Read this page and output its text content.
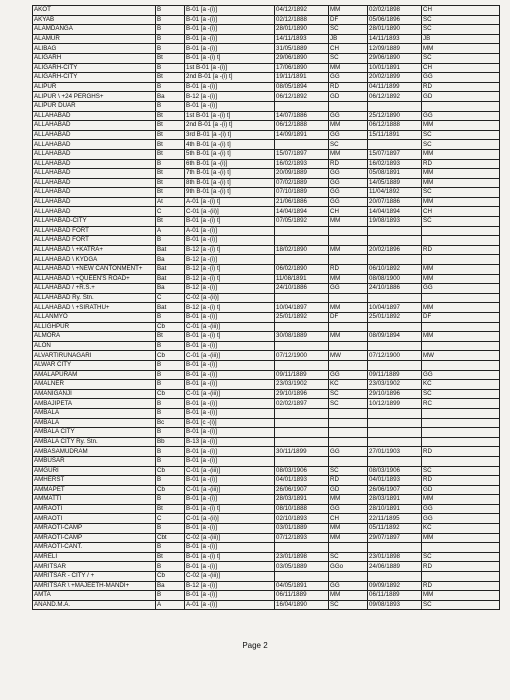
AKOT	B	B-01 [a -(i)]	04/12/1892	MM	02/02/1898	CH
AKYAB	B	B-01 [a -(i)]	02/12/1888	DF	05/06/1896	SC
ALAMDANGA	B	B-01 [a -(i)]	28/01/1890	SC	28/01/1890	SC
ALAMUR	B	B-01 [a -(i)]	14/11/1893	JB	14/11/1893	JB
ALIBAG	B	B-01 [a -(i)]	31/05/1889	CH	12/09/1889	MM
ALIGARH	Bt	B-01 [a -(i) t]	29/06/1890	SC	29/06/1890	SC
ALIGARH-CITY	B	1st B-01 [a -(i)]	17/06/1890	MM	10/01/1891	CH
ALIGARH-CITY	Bt	2nd B-01 [a -(i) t]	19/11/1891	GG	20/02/1899	GG
ALIPUR	B	B-01 [a -(i)]	08/05/1894	RD	04/11/1899	RD
ALIPUR \ +24 PERGHS+	Ba	B-12 [a -(i)]	06/12/1892	GD	06/12/1892	GD
ALIPUR DUAR	B	B-01 [a -(i)]				
ALLAHABAD	Bt	1st B-01 [a -(i) t]	14/07/1886	GG	25/12/1890	GG
ALLAHABAD	Bt	2nd B-01 [a -(i) t]	06/12/1888	MM	06/12/1888	MM
ALLAHABAD	Bt	3rd B-01 [a -(i) t]	14/09/1891	GG	15/11/1891	SC
ALLAHABAD	Bt	4th B-01 [a -(i) t]		SC		SC
ALLAHABAD	Bt	5th B-01 [a -(i) t]	15/07/1897	MM	15/07/1897	MM
ALLAHABAD	B	6th B-01 [a -(i)]	16/02/1893	RD	16/02/1893	RD
ALLAHABAD	Bt	7th B-01 [a -(i) t]	20/09/1889	GG	05/08/1891	MM
ALLAHABAD	Bt	8th B-01 [a -(i) t]	07/02/1889	GG	14/05/1889	MM
ALLAHABAD	Bt	9th B-01 [a -(i) t]	07/10/1889	GG	11/04/1892	SC
ALLAHABAD	At	A-01 [a -(i) t]	21/06/1886	GG	20/07/1886	MM
ALLAHABAD	C	C-01 [a -(ii)]	14/04/1894	CH	14/04/1894	CH
ALLAHABAD-CITY	Bt	B-01 [a -(i) t]	07/05/1892	MM	19/08/1893	SC
ALLAHABAD FORT	A	A-01 [a -(i)]				
ALLAHABAD FORT	B	B-01 [a -(i)]				
ALLAHABAD \ +KATRA+	Bat	B-12 [a -(i) t]	18/02/1890	MM	20/02/1896	RD
ALLAHABAD \ KYDGA	Ba	B-12 [a -(i)]				
ALLAHABAD \ +NEW CANTONMENT+	Bat	B-12 [a -(i) t]	06/02/1890	RD	06/10/1892	MM
ALLAHABAD \ +QUEEN'S ROAD+	Bat	B-12 [a -(i) t]	11/08/1891	MM	08/08/1900	MM
ALLAHABAD / +R.S.+	Ba	B-12 [a -(i)]	24/10/1886	GG	24/10/1886	GG
ALLAHABAD Ry. Stn.	C	C-02 [a -(ii)]				
ALLAHABAD \ +SIRATHU+	Bat	B-12 [a -(i) t]	10/04/1897	MM	10/04/1897	MM
ALLANMYO	B	B-01 [a -(i)]	25/01/1892	DF	25/01/1892	DF
ALLIGHPUR	Cb	C-01 [a -(iii)]				
ALMORA	Bt	B-01 [a -(i) t]	30/08/1889	MM	08/09/1894	MM
ALON	B	B-01 [a -(i)]				
ALVARTIRUNAGARI	Cb	C-01 [a -(iii)]	07/12/1900	MW	07/12/1900	MW
ALWAR CITY	B	B-01 [a -(i)]				
AMALAPURAM	B	B-01 [a -(i)]	09/11/1889	GG	09/11/1889	GG
AMALNER	B	B-01 [a -(i)]	23/03/1902	KC	23/03/1902	KC
AMANIGANJI	Cb	C-01 [a -(iii)]	29/10/1896	SC	29/10/1896	SC
AMBAJIPETA	B	B-01 [a -(i)]	02/02/1897	SC	10/12/1899	RC
AMBALA	B	B-01 [a -(i)]				
AMBALA	Bc	B-01 [c -(i)]				
AMBALA CITY	B	B-01 [a -(i)]				
AMBALA CITY Ry. Stn.	Bb	B-13 [a -(i)]				
AMBASAMUDRAM	B	B-01 [a -(i)]	30/11/1899	GG	27/01/1903	RD
AMBUSAR	B	B-01 [a -(i)]				
AMGURI	Cb	C-01 [a -(iii)]	08/03/1906	SC	08/03/1906	SC
AMHERST	B	B-01 [a -(i)]	04/01/1893	RD	04/01/1893	RD
AMMAPET	Cb	C-01 [a -(iii)]	26/06/1907	GD	26/06/1907	GD
AMMATTI	B	B-01 [a -(i)]	28/03/1891	MM	28/03/1891	MM
AMRAOTI	Bt	B-01 [a -(i) t]	08/10/1888	GG	28/10/1891	GG
AMRAOTI	C	C-01 [a -(ii)]	02/10/1893	CH	22/11/1895	GG
AMRAOTI-CAMP	B	B-01 [a -(i)]	03/01/1889	MM	05/11/1892	KC
AMRAOTI-CAMP	Cbt	C-02 [a -(iii)]	07/12/1893	MM	29/07/1897	MM
AMRAOTI-CANT.	B	B-01 [a -(i)]				
AMRELI	Bt	B-01 [a -(i) t]	23/01/1898	SC	23/01/1898	SC
AMRITSAR	B	B-01 [a -(i)]	03/05/1889	GGo	24/06/1889	RD
AMRITSAR - CITY / +	Cb	C-02 [a -(iii)]				
AMRITSAR \ +MAJEETH-MANDI+	Ba	B-12 [a -(i)]	04/05/1891	GG	09/09/1892	RD
AMTA	B	B-01 [a -(i)]	06/11/1889	MM	06/11/1889	MM
ANAND.M.A.	A	A-01 [a -(i)]	16/04/1890	SC	09/08/1893	SC
Page 2
